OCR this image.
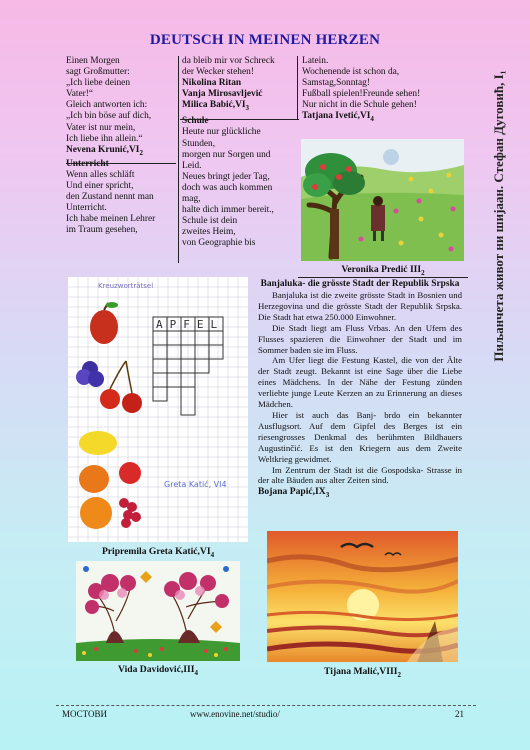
DEUTSCH IN MEINEN HERZEN
Einen Morgen
sagt Großmutter:
„Ich liebe deinen
Vater!“
Gleich antworten ich:
„Ich bin böse auf dich,
Vater ist nur mein,
Ich liebe ihn allein.“
Nevena $Krunić,VI_2$
Unterricht
Wenn alles schläft
Und einer spricht,
den Zustand nennt man
Unterricht.
Ich habe meinen Lehrer
im Traum gesehen,
da bleib mir vor Schreck
der Wecker stehen!
Nikolina Ritan
Vanja Mirosavljević
Milica $Babić,VI_3$
Schule
Heute nur glückliche
Stunden,
morgen nur Sorgen und
Leid.
Neues bringt jeder Tag,
doch was auch kommen
mag,
halte dich immer bereit.,
Schule ist dein
zweites Heim,
von Geographie bis
Latein.
Wochenende ist schon da,
Samstag,Sonntag!
Fußball spielen!Freunde sehen!
Nur nicht in die Schule gehen!
Tatjana $Ivetić,VI_4$
Veronika Predić $III_2$	Пиљанчета живот ни шијаан. Стефан Дуговић, I₁
Kreuzworträtsel
APFEL
Greta Katić, VI4
Pripremila Greta $Katić,VI_4$
Banjaluka- die grösste Stadt der Republik Srpska

Banjaluka ist die zweite grösste Stadt in Bosnien und Herzegovina und die grösste Stadt der Republik Srpska. Die Stadt hat etwa 250.000 Einwohner.

Die Stadt liegt am Fluss Vrbas. An den Ufern des Flusses spazieren die Einwohner der Stadt und im Sommer baden sie im Fluss.

Am Ufer liegt die Festung Kastel, die von der Älte der Stadt zeugt. Bekannt ist eine Sage über die Liebe eines Mädchens. In der Nähe der Festung zünden verliebte junge Leute Kerzen an zu Erinnerung an dieses Mädchen.

Hier ist auch das Banj- brdo ein bekannter Ausflugsort. Auf dem Gipfel des Berges ist ein riesengrosses Denkmal des berühmten Bildhauers Augustinčić. Es ist den Kriegern aus dem Zweite Weltkrieg gewidmet.

Im Zentrum der Stadt ist die Gospodska- Strasse in der alte Bäuden aus alter Zeiten sind.

Bojana $Papić,IX_3$
Vida $Davidović,III_4$	Tijana $Malić,VIII_2$
МОСТОВИ	www.enovine.net/studio/	21
